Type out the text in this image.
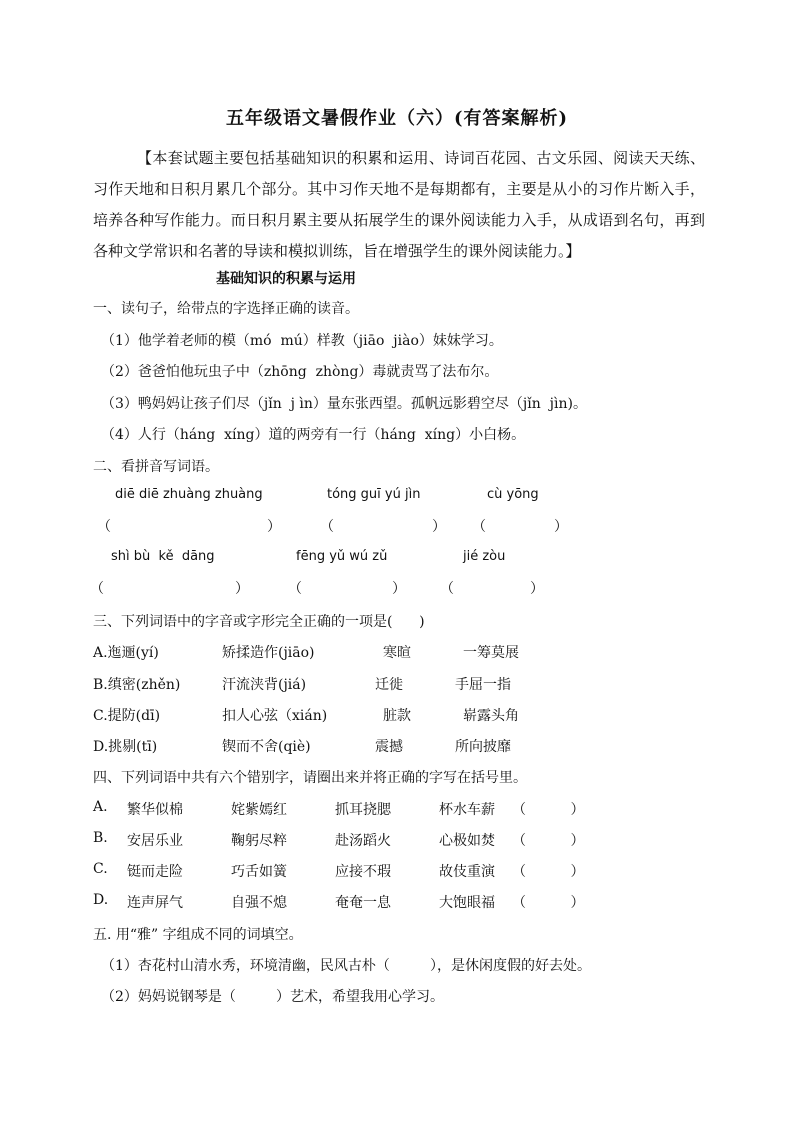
五年级语文暑假作业（六）(有答案解析)

【本套试题主要包括基础知识的积累和运用、诗词百花园、古文乐园、阅读天天练、习作天地和日积月累几个部分。其中习作天地不是每期都有，主要是从小的习作片断入手，培养各种写作能力。而日积月累主要从拓展学生的课外阅读能力入手，从成语到名句，再到各种文学常识和名著的导读和模拟训练，旨在增强学生的课外阅读能力。】

基础知识的积累与运用
一、读句子，给带点的字选择正确的读音。
（1）他学着老师的模（mó  mú）样教（jiāo  jiào）妹妹学习。
（2）爸爸怕他玩虫子中（zhōng  zhòng）毒就责骂了法布尔。
（3）鸭妈妈让孩子们尽（jǐn  j ìn）量东张西望。孤帆远影碧空尽（jǐn  jìn)。
（4）人行（háng  xíng）道的两旁有一行（háng  xíng）小白杨。
二、看拼音写词语。
diē diē zhuàng zhuàng	tóng guī yú jìn	cù yōng
（	）	（	） （	）
shì bù  kě  dāng	fēng yǔ wú zǔ	jié zòu
（	）	（	） （	）
三、下列词语中的字音或字形完全正确的一项是(      )
A.迤逦(yí)	矫揉造作(jiāo)	寒暄	一筹莫展
B.缜密(zhěn)	汗流浃背(jiá)	迁徙	手屈一指
C.提防(dī)	扣人心弦（xián)	脏款	崭露头角
D.挑剔(tī)	锲而不舍(qiè)	震撼	所向披靡
四、下列词语中共有六个错别字，请圈出来并将正确的字写在括号里。
A. 繁华似棉	姹紫嫣红	抓耳挠腮	杯水车薪 （          ）
B. 安居乐业	鞠躬尽粹	赴汤蹈火	心极如焚 （          ）
C. 铤而走险	巧舌如簧	应接不瑕	故伎重演 （          ）
D. 连声屏气	自强不熄	奄奄一息	大饱眼福 （          ）
五. 用“雅” 字组成不同的词填空。
（1）杏花村山清水秀，环境清幽，民风古朴（         ），是休闲度假的好去处。
（2）妈妈说钢琴是（         ）艺术，希望我用心学习。
